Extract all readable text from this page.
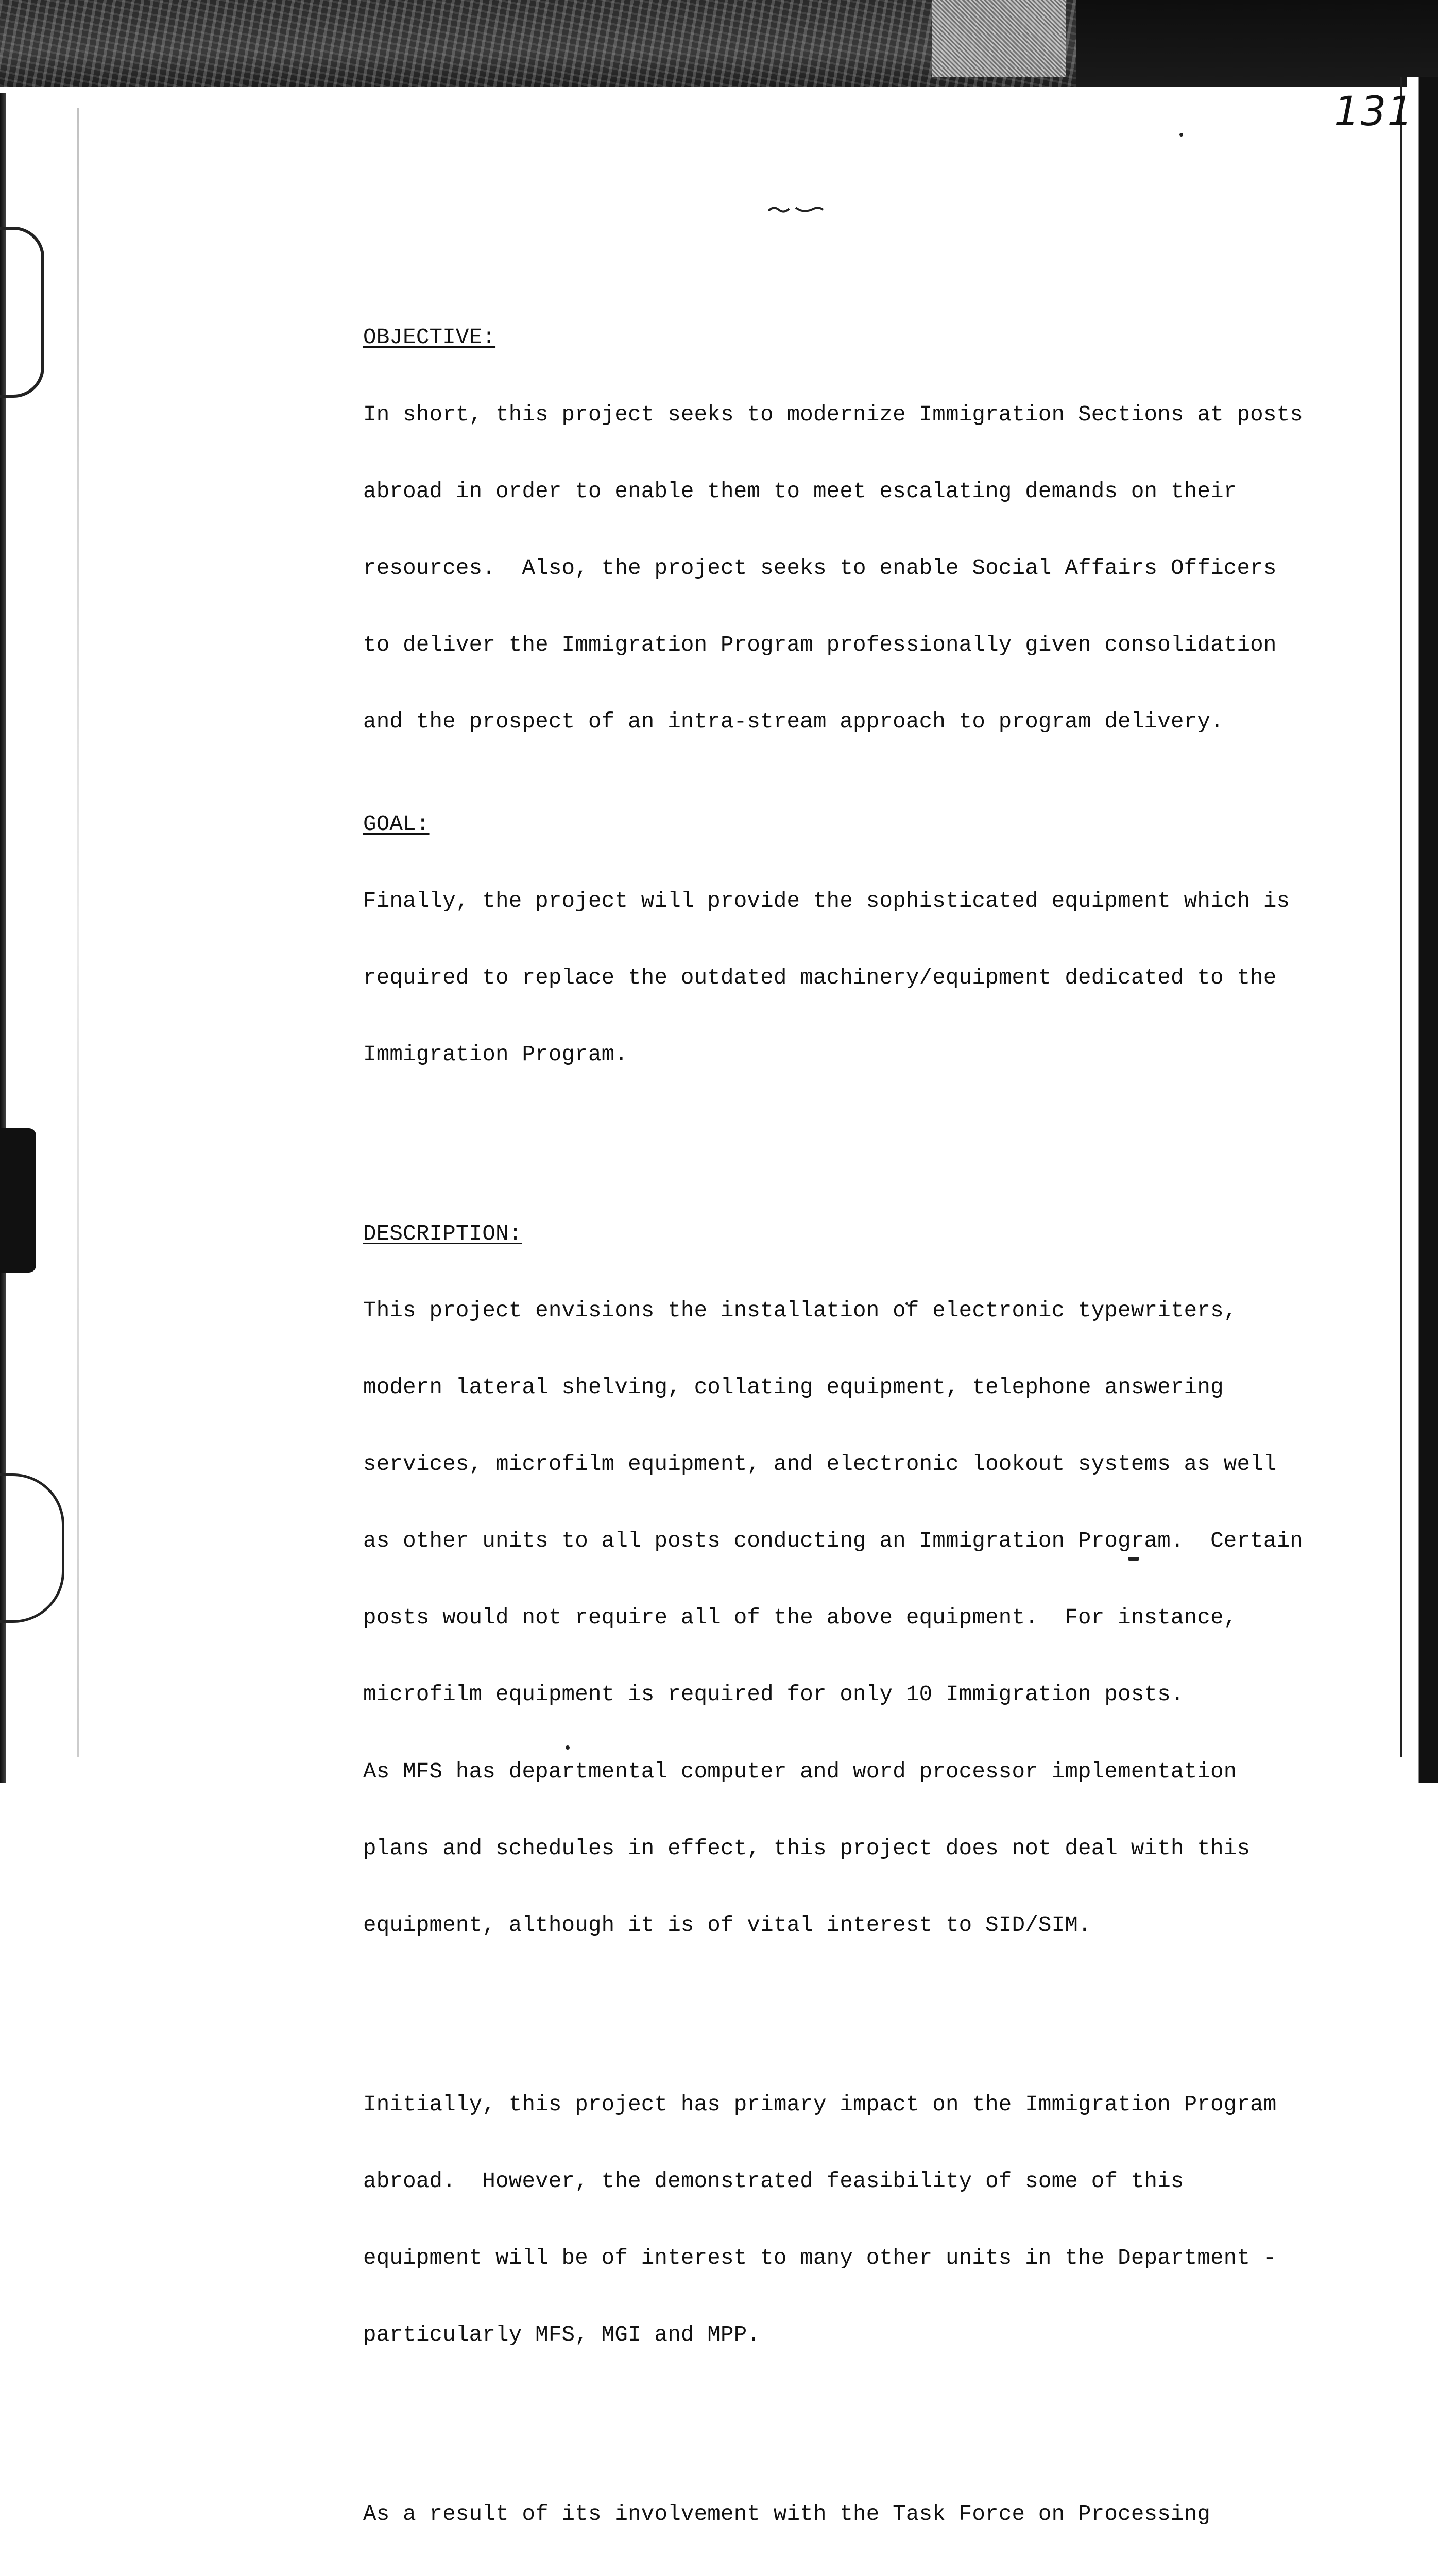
131

OBJECTIVE:

In short, this project seeks to modernize Immigration Sections at posts

abroad in order to enable them to meet escalating demands on their

resources.  Also, the project seeks to enable Social Affairs Officers

to deliver the Immigration Program professionally given consolidation

and the prospect of an intra-stream approach to program delivery.

GOAL:

Finally, the project will provide the sophisticated equipment which is

required to replace the outdated machinery/equipment dedicated to the

Immigration Program.

DESCRIPTION:

This project envisions the installation of electronic typewriters,

modern lateral shelving, collating equipment, telephone answering

services, microfilm equipment, and electronic lookout systems as well

as other units to all posts conducting an Immigration Program.  Certain

posts would not require all of the above equipment.  For instance,

microfilm equipment is required for only 10 Immigration posts.

As MFS has departmental computer and word processor implementation

plans and schedules in effect, this project does not deal with this

equipment, although it is of vital interest to SID/SIM.

Initially, this project has primary impact on the Immigration Program

abroad.  However, the demonstrated feasibility of some of this

equipment will be of interest to many other units in the Department -

particularly MFS, MGI and MPP.

As a result of its involvement with the Task Force on Processing
